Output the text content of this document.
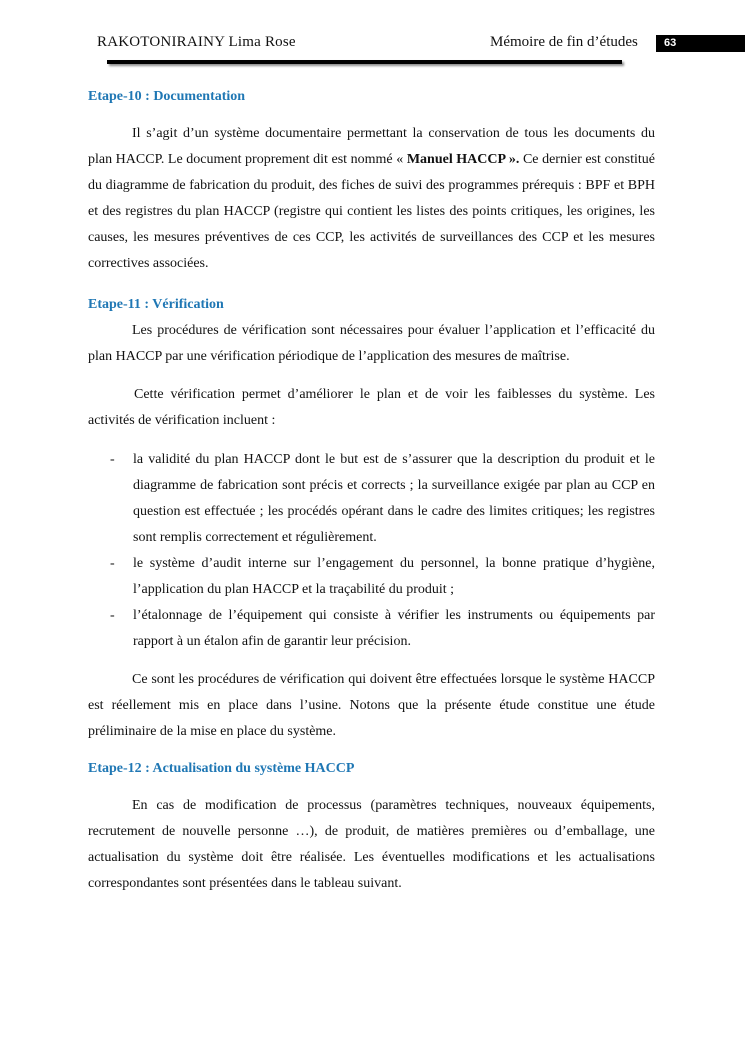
RAKOTONIRAINY Lima Rose	Mémoire de fin d’études	63
Etape-10 : Documentation

Il s’agit d’un système documentaire permettant la conservation de tous les documents du plan HACCP. Le document proprement dit est nommé « Manuel HACCP ». Ce dernier est constitué du diagramme de fabrication du produit, des fiches de suivi des programmes prérequis : BPF et BPH et des registres du plan HACCP (registre qui contient les listes des points critiques, les origines, les causes, les mesures préventives de ces CCP, les activités de surveillances des CCP et les mesures correctives associées.

Etape-11 : Vérification

Les procédures de vérification sont nécessaires pour évaluer l’application et l’efficacité du plan HACCP par une vérification périodique de l’application des mesures de maîtrise.

Cette vérification permet d’améliorer le plan et de voir les faiblesses du système. Les activités de vérification incluent :

- la validité du plan HACCP dont le but est de s’assurer que la description du produit et le diagramme de fabrication sont précis et corrects ; la surveillance exigée par plan au CCP en question est effectuée ; les procédés opérant dans le cadre des limites critiques; les registres sont remplis correctement et régulièrement.
- le système d’audit interne sur l’engagement du personnel, la bonne pratique d’hygiène, l’application du plan HACCP et la traçabilité du produit ;
- l’étalonnage de l’équipement qui consiste à vérifier les instruments ou équipements par rapport à un étalon afin de garantir leur précision.

Ce sont les procédures de vérification qui doivent être effectuées lorsque le système HACCP est réellement mis en place dans l’usine. Notons que la présente étude constitue une étude préliminaire de la mise en place du système.

Etape-12 : Actualisation du système HACCP

En cas de modification de processus (paramètres techniques, nouveaux équipements, recrutement de nouvelle personne …), de produit, de matières premières ou d’emballage, une actualisation du système doit être réalisée. Les éventuelles modifications et les actualisations correspondantes sont présentées dans le tableau suivant.
